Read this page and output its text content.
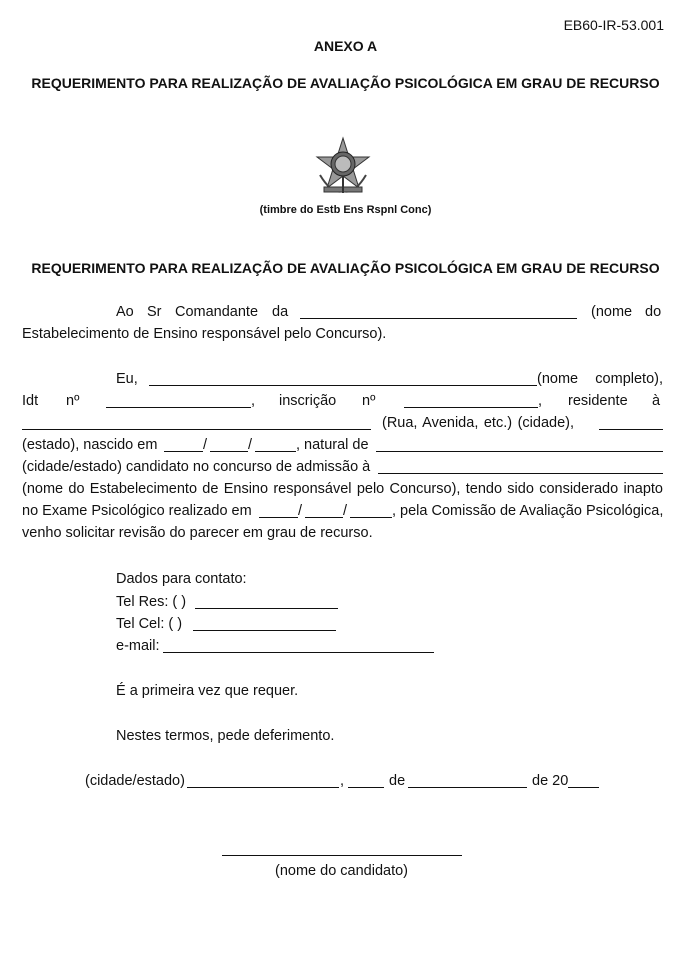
EB60-IR-53.001
ANEXO A
REQUERIMENTO PARA REALIZAÇÃO DE AVALIAÇÃO PSICOLÓGICA EM GRAU DE RECURSO
(timbre do Estb Ens Rspnl Conc)
REQUERIMENTO PARA REALIZAÇÃO DE AVALIAÇÃO PSICOLÓGICA EM GRAU DE RECURSO
Ao Sr Comandante da	(nome do
Estabelecimento de Ensino responsável pelo Concurso).
Eu,	(nome completo),
Idt nº	, inscrição nº	, residente à
(Rua, Avenida, etc.) (cidade),
(estado), nascido em	/	/	, natural de
(cidade/estado) candidato no concurso de admissão à
(nome do Estabelecimento de Ensino responsável pelo Concurso), tendo sido considerado inapto
no Exame Psicológico realizado em	/	/	, pela Comissão de Avaliação Psicológica,
venho solicitar revisão do parecer em grau de recurso.
Dados para contato:
Tel Res: ( )
Tel Cel: ( )
e-mail:
É a primeira vez que requer.
Nestes termos, pede deferimento.
(cidade/estado)	,	de	de 20
(nome do candidato)
